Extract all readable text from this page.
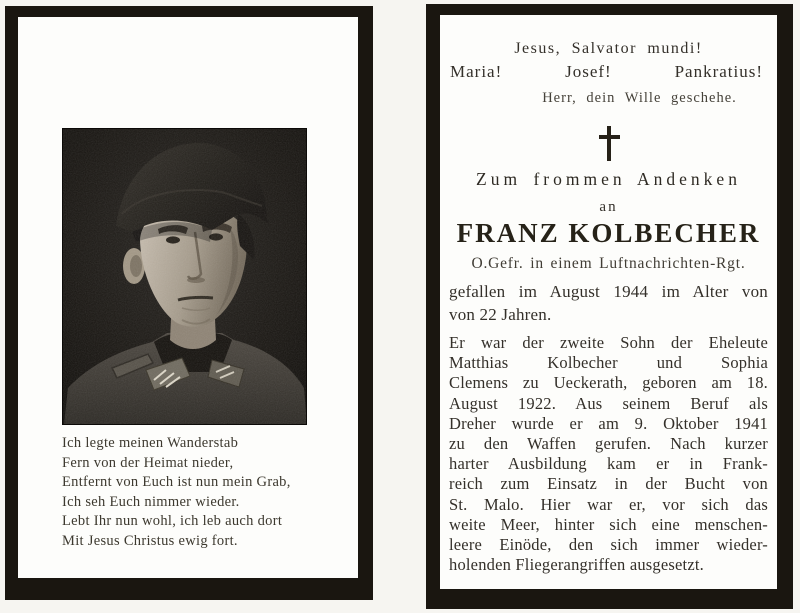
Ich legte meinen Wanderstab
Fern von der Heimat nieder,
Entfernt von Euch ist nun mein Grab,
Ich seh Euch nimmer wieder.
Lebt Ihr nun wohl, ich leb auch dort
Mit Jesus Christus ewig fort.
Jesus, Salvator mundi!
Maria!	Josef!	Pankratius!
Herr, dein Wille geschehe.
Zum frommen Andenken
an
FRANZ KOLBECHER
O.Gefr. in einem Luftnachrichten-Rgt.
gefallen im August 1944 im Alter von
von 22 Jahren.
Er war der zweite Sohn der Eheleute
Matthias Kolbecher und Sophia
Clemens zu Ueckerath, geboren am 18.
August 1922. Aus seinem Beruf als
Dreher wurde er am 9. Oktober 1941
zu den Waffen gerufen. Nach kurzer
harter Ausbildung kam er in Frank-
reich zum Einsatz in der Bucht von
St. Malo. Hier war er, vor sich das
weite Meer, hinter sich eine menschen-
leere Einöde, den sich immer wieder-
holenden Fliegerangriffen ausgesetzt.
